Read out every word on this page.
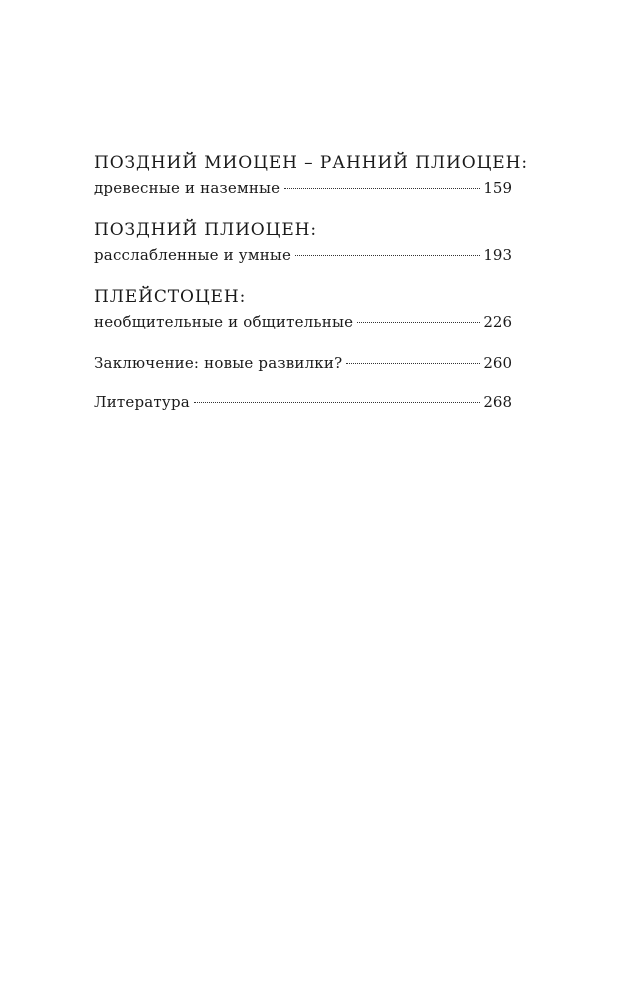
ПОЗДНИЙ МИОЦЕН – РАННИЙ ПЛИОЦЕН:
древесные и наземные	159
ПОЗДНИЙ ПЛИОЦЕН:
расслабленные и умные	193
ПЛЕЙСТОЦЕН:
необщительные и общительные	226
Заключение: новые развилки?	260
Литература	268
